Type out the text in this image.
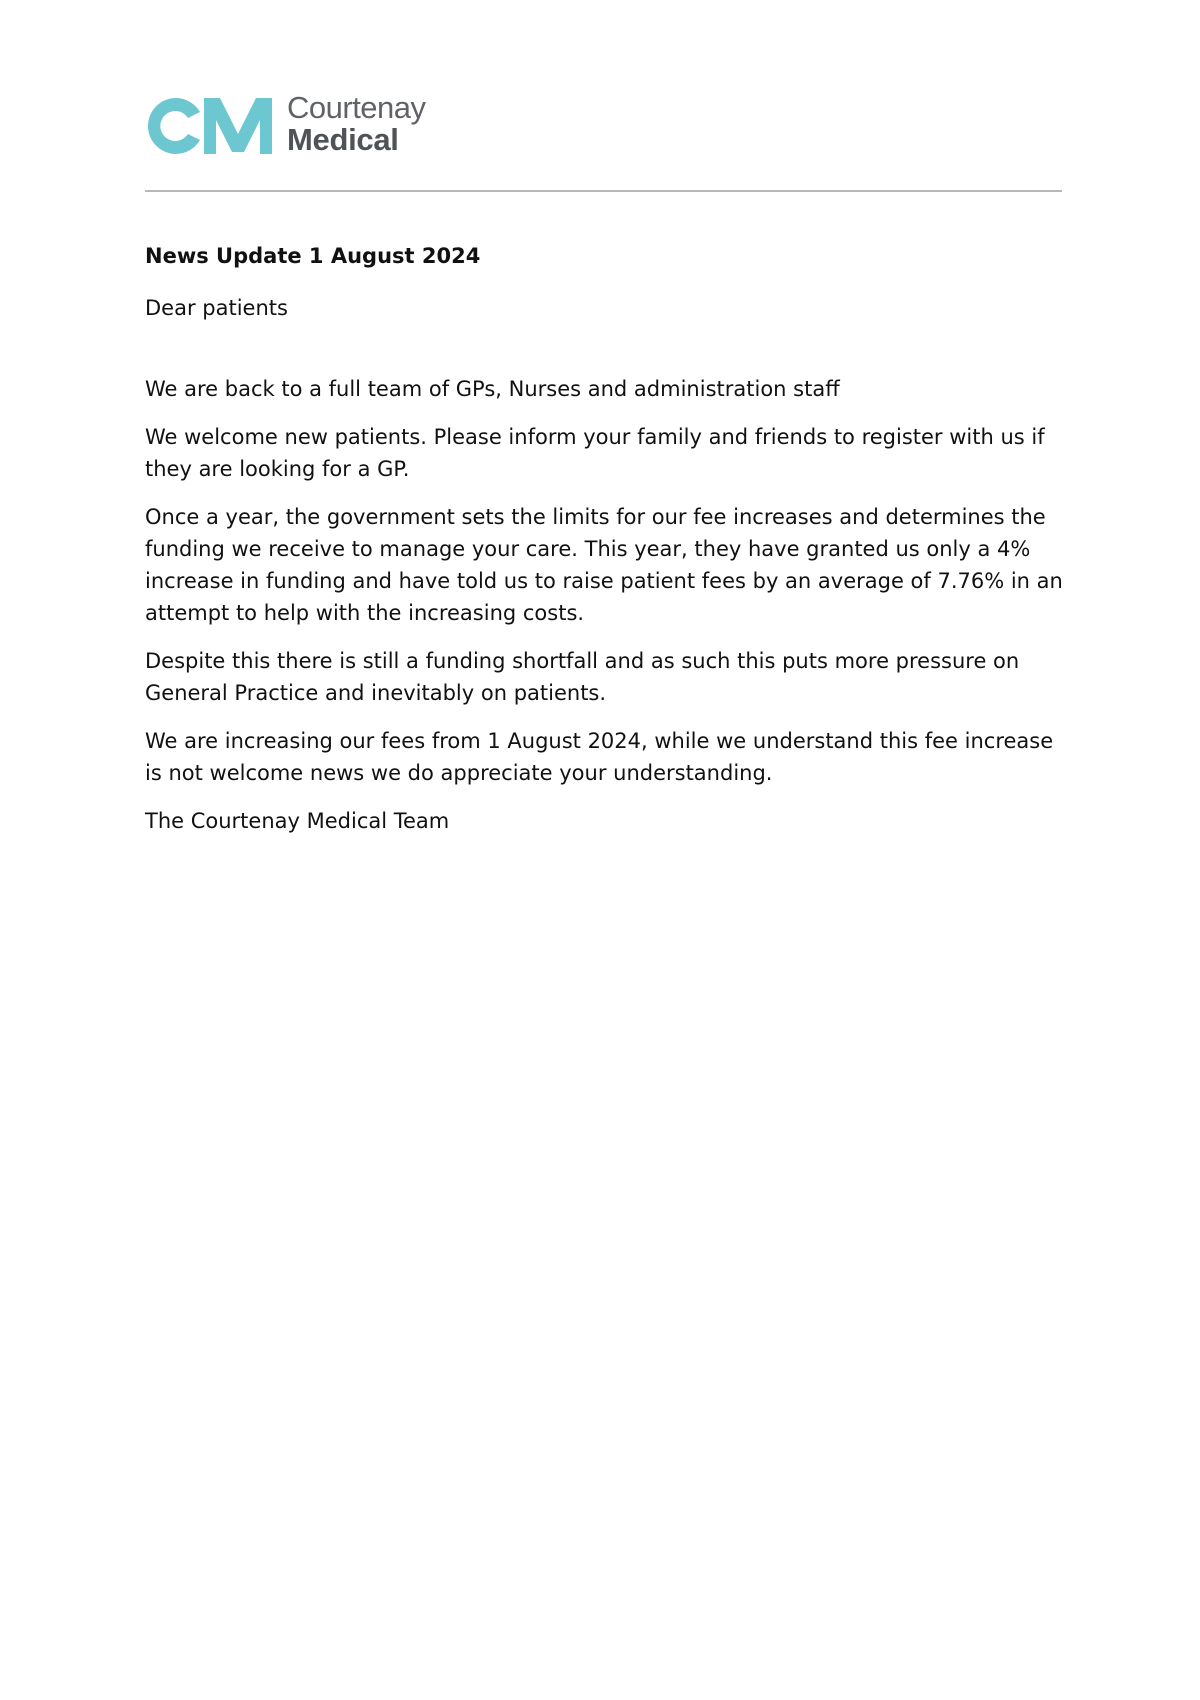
Courtenay
Medical

News Update 1 August 2024

Dear patients

We are back to a full team of GPs, Nurses and administration staff

We welcome new patients. Please inform your family and friends to register with us if they are looking for a GP.

Once a year, the government sets the limits for our fee increases and determines the funding we receive to manage your care. This year, they have granted us only a 4% increase in funding and have told us to raise patient fees by an average of 7.76% in an attempt to help with the increasing costs.

Despite this there is still a funding shortfall and as such this puts more pressure on General Practice and inevitably on patients.

We are increasing our fees from 1 August 2024, while we understand this fee increase is not welcome news we do appreciate your understanding.

The Courtenay Medical Team
